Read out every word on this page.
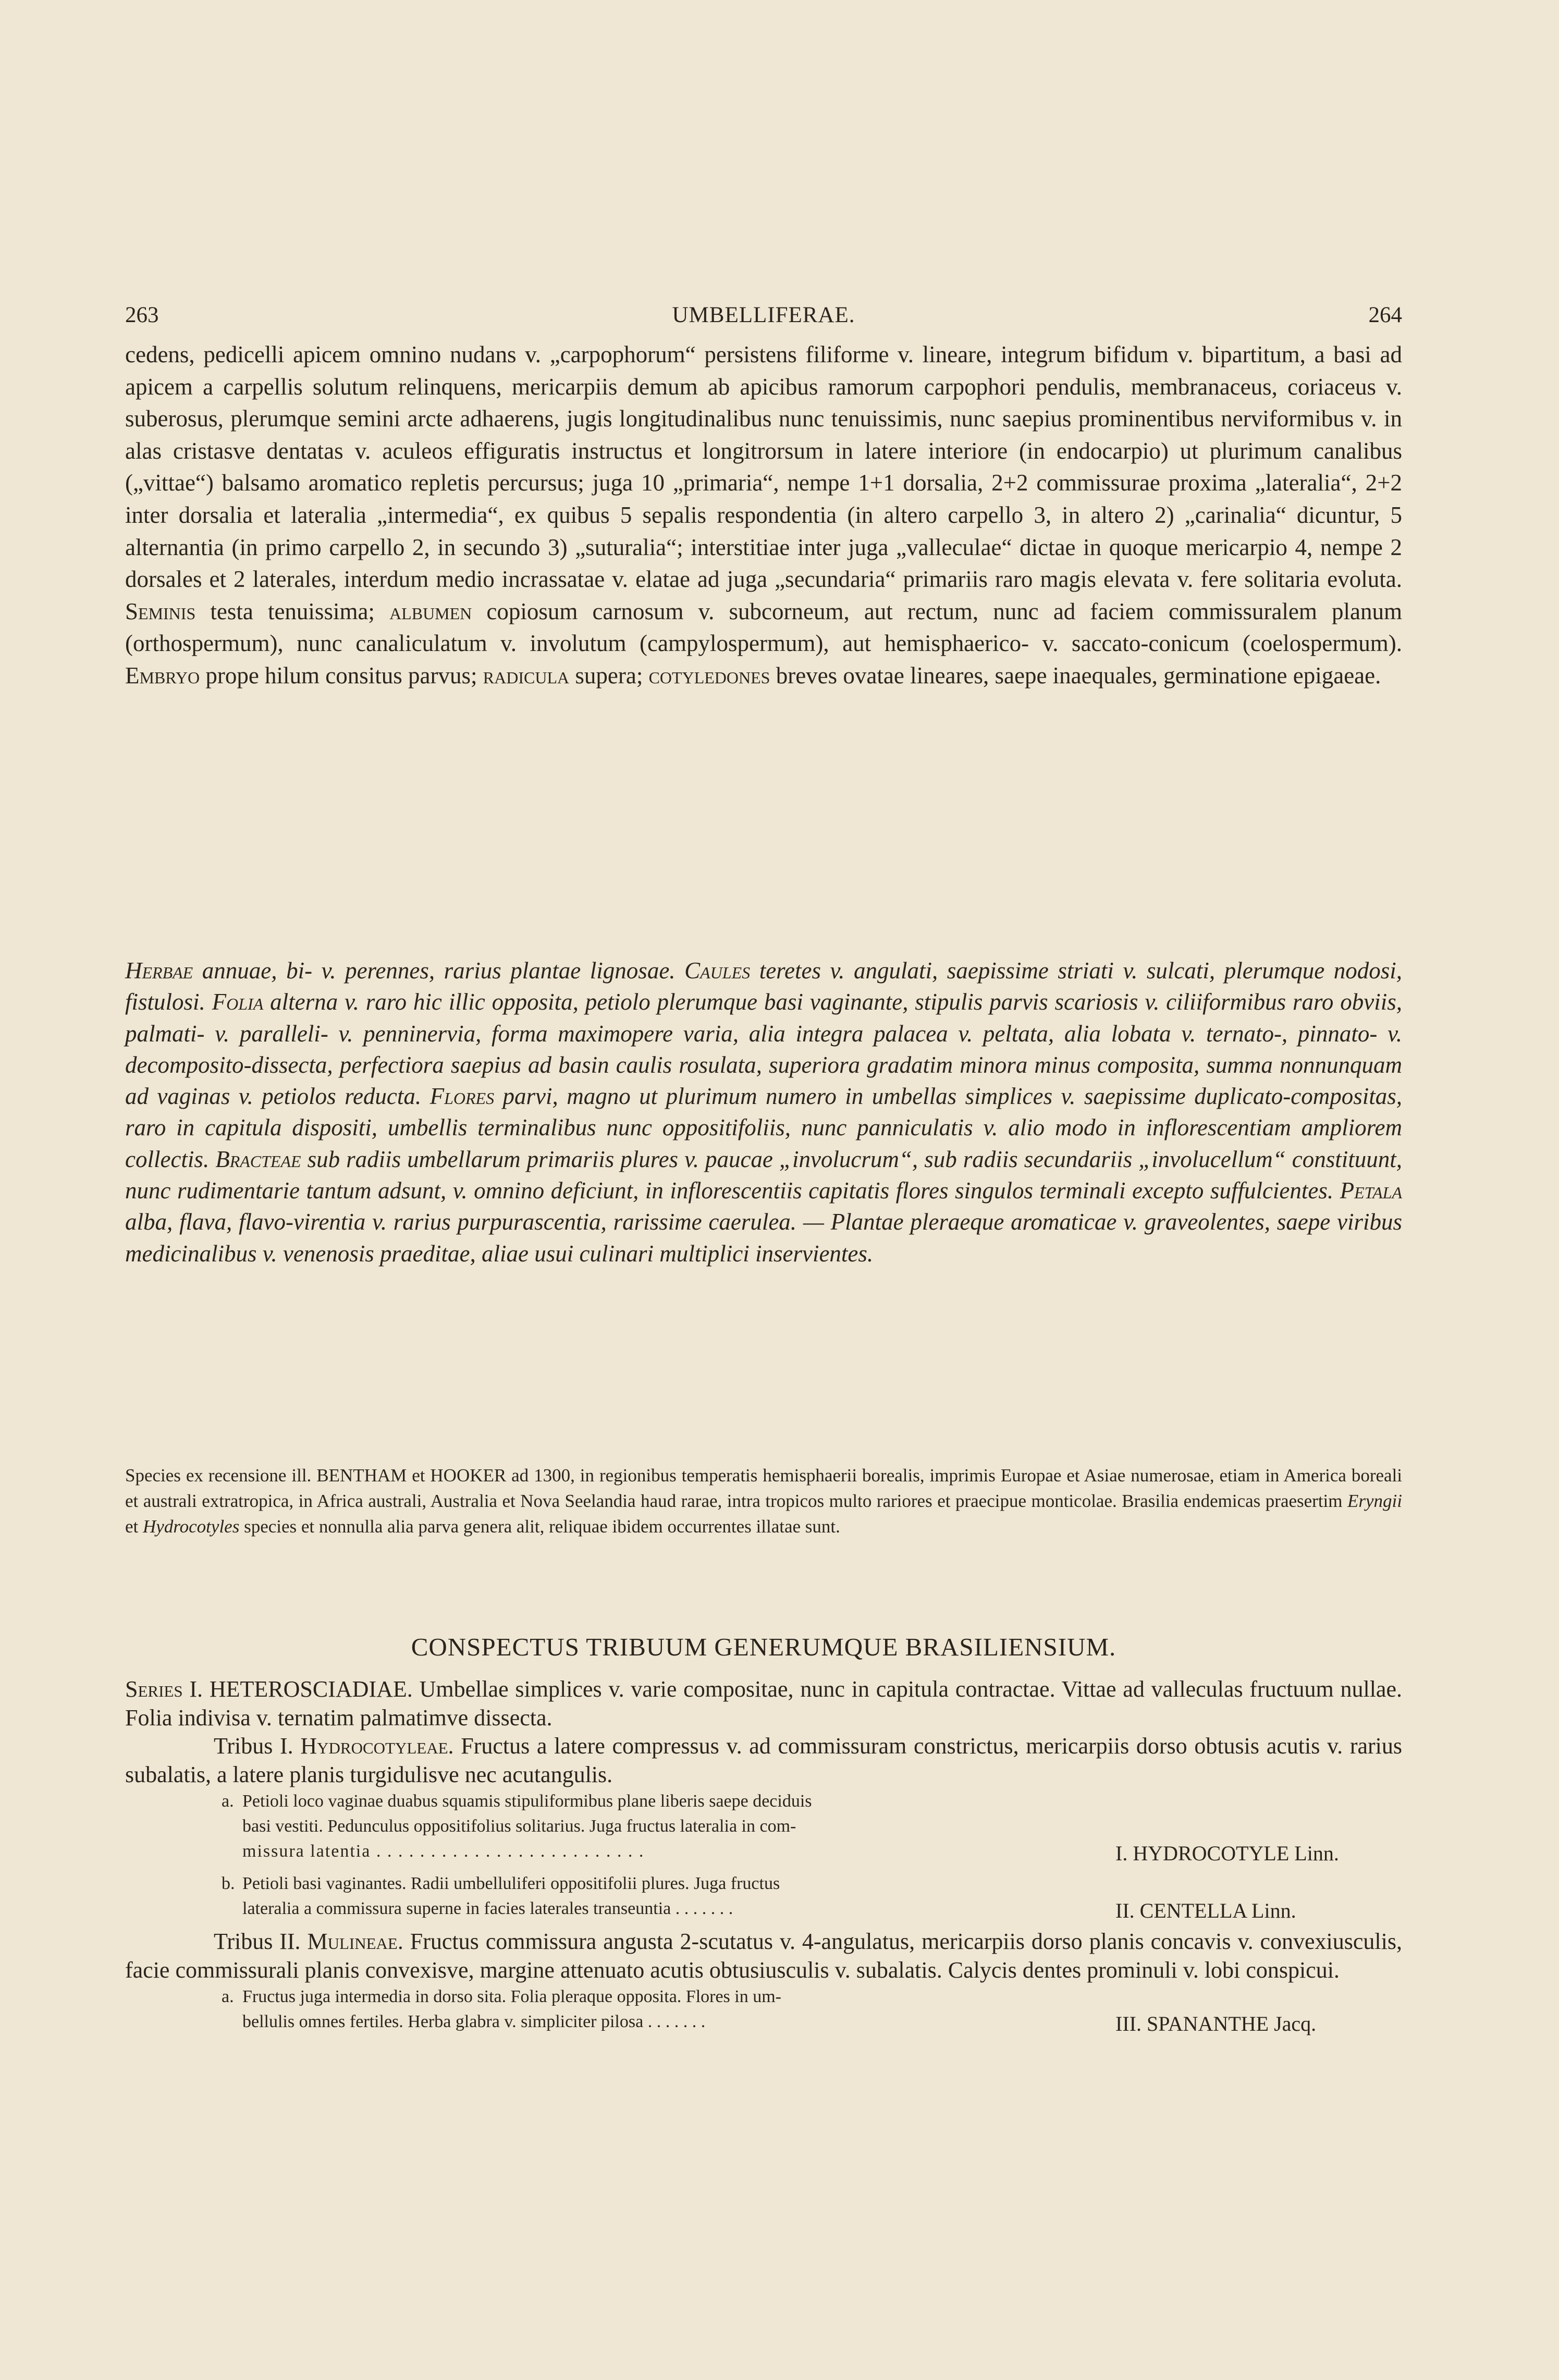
263	UMBELLIFERAE.	264

cedens, pedicelli apicem omnino nudans v. „carpophorum“ persistens filiforme v. lineare, integrum bifidum v. bipartitum, a basi ad apicem a carpellis solutum relinquens, mericarpiis demum ab apicibus ramorum carpophori pendulis, membranaceus, coriaceus v. suberosus, plerumque semini arcte adhaerens, jugis longitudinalibus nunc tenuissimis, nunc saepius prominentibus nerviformibus v. in alas cristasve dentatas v. aculeos effiguratis instructus et longitrorsum in latere interiore (in endocarpio) ut plurimum canalibus („vittae“) balsamo aromatico repletis percursus; juga 10 „primaria“, nempe 1+1 dorsalia, 2+2 commissurae proxima „lateralia“, 2+2 inter dorsalia et lateralia „intermedia“, ex quibus 5 sepalis respondentia (in altero carpello 3, in altero 2) „carinalia“ dicuntur, 5 alternantia (in primo carpello 2, in secundo 3) „suturalia“; interstitiae inter juga „valleculae“ dictae in quoque mericarpio 4, nempe 2 dorsales et 2 laterales, interdum medio incrassatae v. elatae ad juga „secundaria“ primariis raro magis elevata v. fere solitaria evoluta. Seminis testa tenuissima; albumen copiosum carnosum v. subcorneum, aut rectum, nunc ad faciem commissuralem planum (orthospermum), nunc canaliculatum v. involutum (campylospermum), aut hemisphaerico- v. saccato-conicum (coelospermum). Embryo prope hilum consitus parvus; radicula supera; cotyledones breves ovatae lineares, saepe inaequales, germinatione epigaeae.

Herbae annuae, bi- v. perennes, rarius plantae lignosae. Caules teretes v. angulati, saepissime striati v. sulcati, plerumque nodosi, fistulosi. Folia alterna v. raro hic illic opposita, petiolo plerumque basi vaginante, stipulis parvis scariosis v. ciliiformibus raro obviis, palmati- v. paralleli- v. penninervia, forma maximopere varia, alia integra palacea v. peltata, alia lobata v. ternato-, pinnato- v. decomposito-dissecta, perfectiora saepius ad basin caulis rosulata, superiora gradatim minora minus composita, summa nonnunquam ad vaginas v. petiolos reducta. Flores parvi, magno ut plurimum numero in umbellas simplices v. saepissime duplicato-compositas, raro in capitula dispositi, umbellis terminalibus nunc oppositifoliis, nunc panniculatis v. alio modo in inflorescentiam ampliorem collectis. Bracteae sub radiis umbellarum primariis plures v. paucae „involucrum“, sub radiis secundariis „involucellum“ constituunt, nunc rudimentarie tantum adsunt, v. omnino deficiunt, in inflorescentiis capitatis flores singulos terminali excepto suffulcientes. Petala alba, flava, flavo-virentia v. rarius purpurascentia, rarissime caerulea. — Plantae pleraeque aromaticae v. graveolentes, saepe viribus medicinalibus v. venenosis praeditae, aliae usui culinari multiplici inservientes.

Species ex recensione ill. BENTHAM et HOOKER ad 1300, in regionibus temperatis hemisphaerii borealis, imprimis Europae et Asiae numerosae, etiam in America boreali et australi extratropica, in Africa australi, Australia et Nova Seelandia haud rarae, intra tropicos multo rariores et praecipue monticolae. Brasilia endemicas praesertim Eryngii et Hydrocotyles species et nonnulla alia parva genera alit, reliquae ibidem occurrentes illatae sunt.

CONSPECTUS TRIBUUM GENERUMQUE BRASILIENSIUM.

Series I. HETEROSCIADIAE. Umbellae simplices v. varie compositae, nunc in capitula contractae. Vittae ad valleculas fructuum nullae. Folia indivisa v. ternatim palmatimve dissecta.

Tribus I. Hydrocotyleae. Fructus a latere compressus v. ad commissuram constrictus, mericarpiis dorso obtusis acutis v. rarius subalatis, a latere planis turgidulisve nec acutangulis.

a. Petioli loco vaginae duabus squamis stipuliformibus plane liberis saepe deciduis
basi vestiti. Pedunculus oppositifolius solitarius. Juga fructus lateralia in com-
missura latentia . . . . . . . . . . . . . . . . . . . . . . . . .	I. HYDROCOTYLE Linn.
b. Petioli basi vaginantes. Radii umbelluliferi oppositifolii plures. Juga fructus
lateralia a commissura superne in facies laterales transeuntia . . . . . . .	II. CENTELLA Linn.

Tribus II. Mulineae. Fructus commissura angusta 2-scutatus v. 4-angulatus, mericarpiis dorso planis concavis v. convexiusculis, facie commissurali planis convexisve, margine attenuato acutis obtusiusculis v. subalatis. Calycis dentes prominuli v. lobi conspicui.

a. Fructus juga intermedia in dorso sita. Folia pleraque opposita. Flores in um-
bellulis omnes fertiles. Herba glabra v. simpliciter pilosa . . . . . . .	III. SPANANTHE Jacq.
